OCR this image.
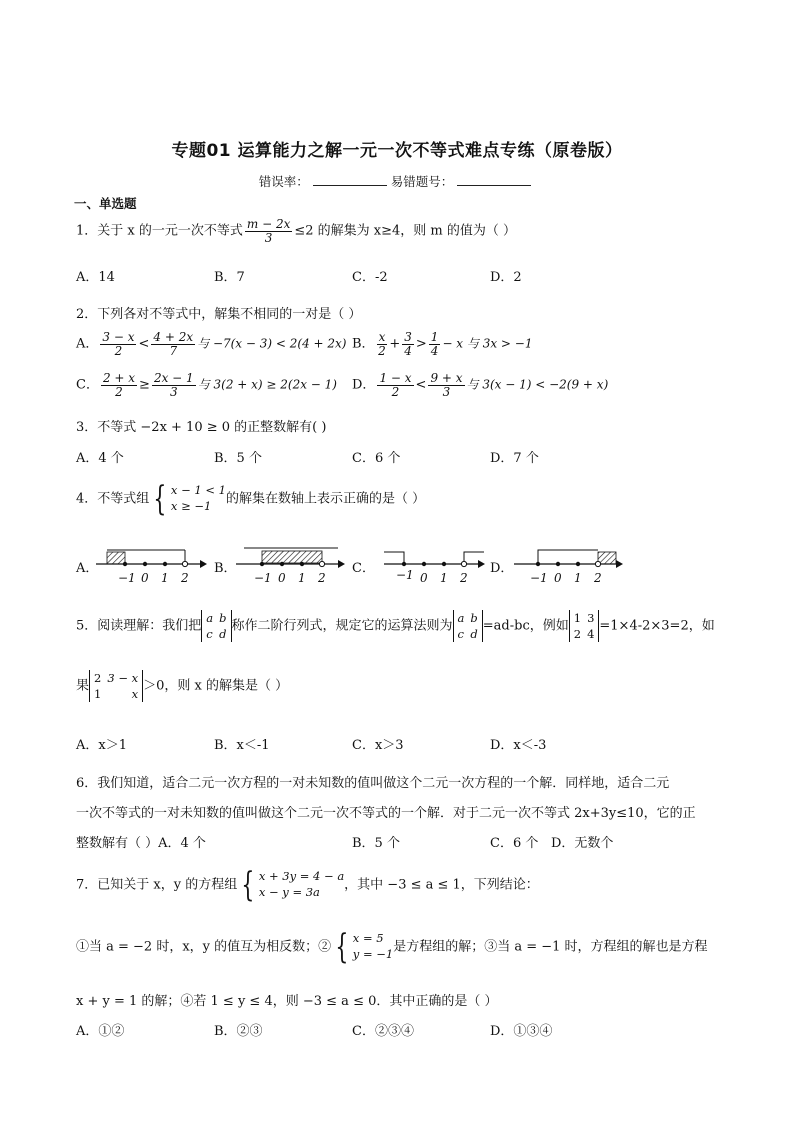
专题01 运算能力之解一元一次不等式难点专练（原卷版）
错误率：	易错题号：
一、单选题
1．关于 x 的一元一次不等式 $\frac{m - 2x}{3} \le 2$ 的解集为 x≥4，则 m 的值为（ ）
A．14	B．7	C．-2	D．2
2．下列各对不等式中，解集不相同的一对是（ ）
A． $\frac{3 - x}{2} < \frac{4 + 2x}{7}$ 与 −7(x − 3) < 2(4 + 2x) B． $\frac{x}{2} + \frac{3}{4} > \frac{1}{4} - x$ 与 3x > −1
C． $\frac{2 + x}{2} \ge \frac{2x - 1}{3}$ 与 3(2 + x) ≥ 2(2x − 1) D． $\frac{1 - x}{2} < \frac{9 + x}{3}$ 与 3(x − 1) < −2(9 + x)
3．不等式 −2x + 10 ≥ 0 的正整数解有( )
A．4 个	B．5 个	C．6 个	D．7 个
4．不等式组 { x − 1 < 1
x ≥ −1	的解集在数轴上表示正确的是（ ）
A．	B．	C．	D．
−1 0 1 2	−1 0 1 2	−1 0 1 2	−1 0 1 2
5．阅读理解：我们把
a b
c d
称作二阶行列式，规定它的运算法则为
a b
c d
=ad-bc，例如
1 3
2 4
=1×4-2×3=2，如
果
2 3 − x
1	x
＞0，则 x 的解集是（ ）
A．x＞1	B．x＜-1	C．x＞3	D．x＜-3
6．我们知道，适合二元一次方程的一对未知数的值叫做这个二元一次方程的一个解．同样地，适合二元
一次不等式的一对未知数的值叫做这个二元一次不等式的一个解．对于二元一次不等式 2x+3y≤10，它的正
整数解有（ ）A．4 个	B．5 个	C．6 个 D．无数个
7．已知关于 x，y 的方程组 { x + 3y = 4 − a
x − y = 3a	，其中 −3 ≤ a ≤ 1，下列结论：
①当 a = −2 时，x，y 的值互为相反数；② { x = 5
y = −1 是方程组的解；③当 a = −1 时，方程组的解也是方程
x + y = 1 的解；④若 1 ≤ y ≤ 4，则 −3 ≤ a ≤ 0．其中正确的是（ ）
A．①②	B．②③	C．②③④	D．①③④
